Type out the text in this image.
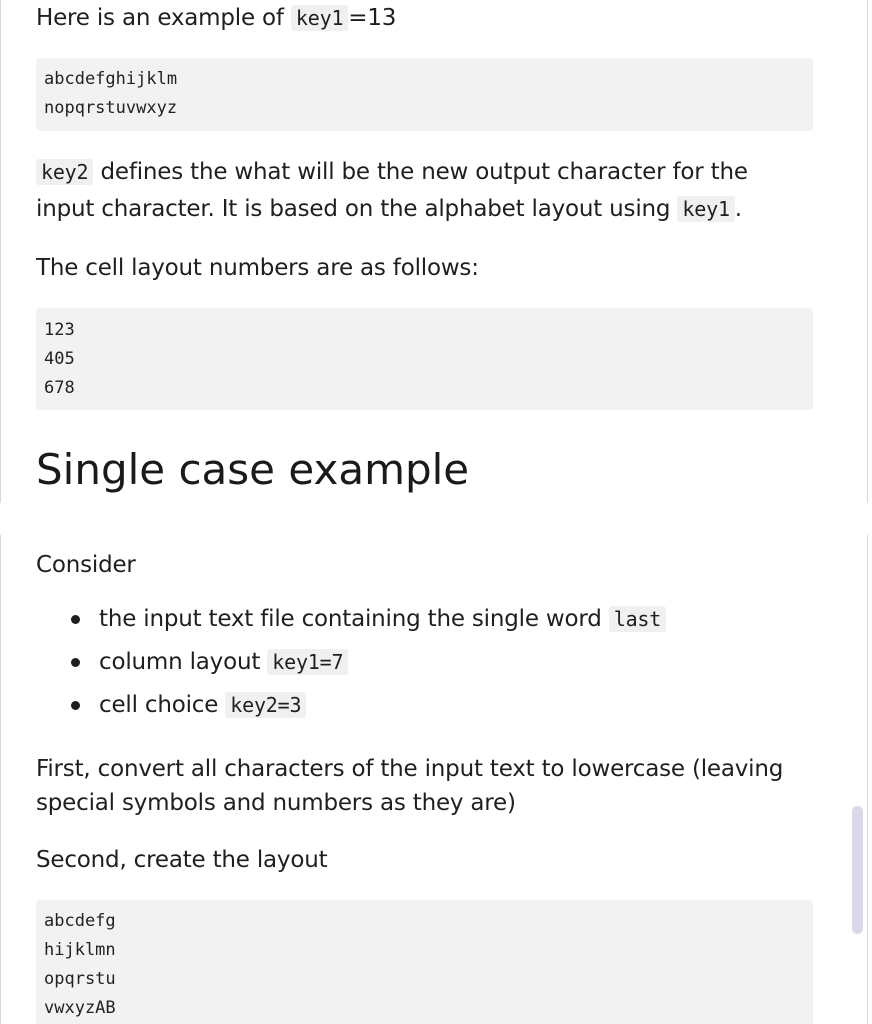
Here is an example of key1 =13

abcdefghijklm
nopqrstuvwxyz

key2 defines the what will be the new output character for the input character. It is based on the alphabet layout using key1 .

The cell layout numbers are as follows:

123
405
678
Single case example

Consider

the input text file containing the single word last
column layout key1=7
cell choice key2=3

First, convert all characters of the input text to lowercase (leaving special symbols and numbers as they are)

Second, create the layout

abcdefg
hijklmn
opqrstu
vwxyzAB
